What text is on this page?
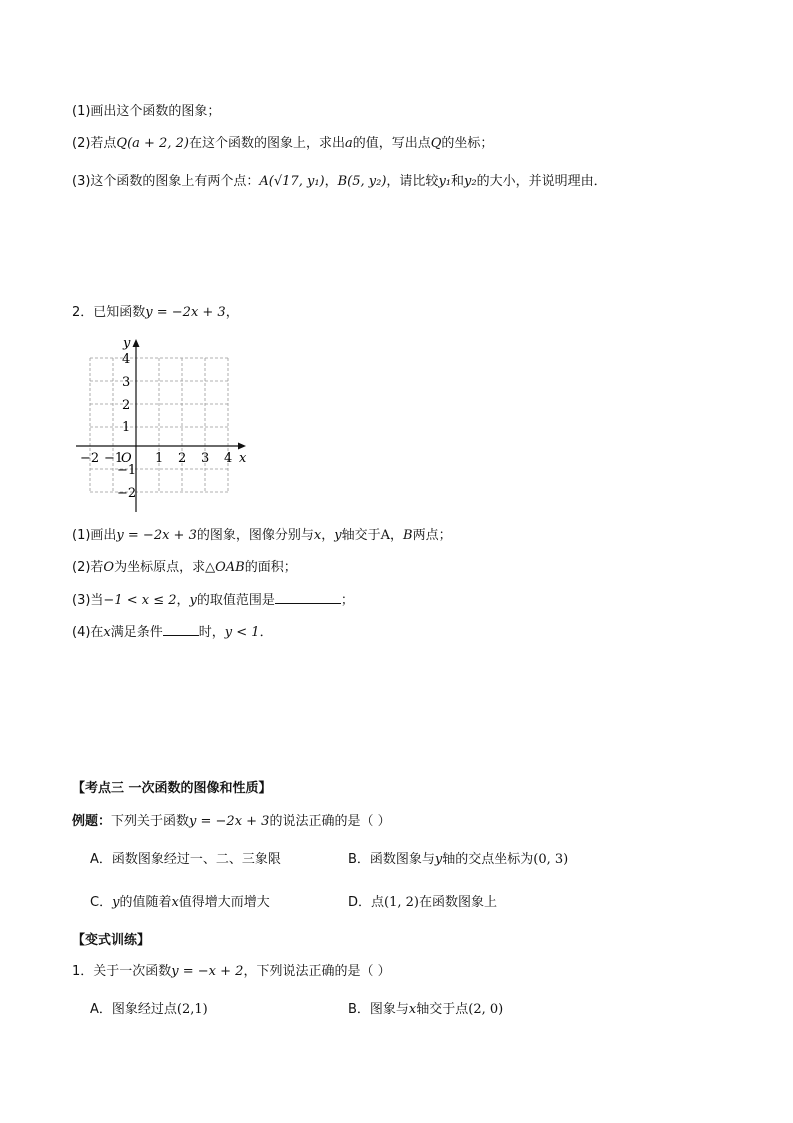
(1)画出这个函数的图象；
(2)若点Q(a + 2, 2)在这个函数的图象上，求出a的值，写出点Q的坐标；
(3)这个函数的图象上有两个点：A(√17, y₁)，B(5, y₂)，请比较y₁和y₂的大小，并说明理由．
2．已知函数y = −2x + 3，
y
x
O
−2 −1 1 2 3 4
4
3
2
1
−1
−2
(1)画出y = −2x + 3的图象，图像分别与x，y轴交于A，B两点；
(2)若O为坐标原点，求△OAB的面积；
(3)当−1 < x ≤ 2，y的取值范围是	；
(4)在x满足条件	时，y < 1．
【考点三 一次函数的图像和性质】
例题：下列关于函数y = −2x + 3的说法正确的是（ ）
A．函数图象经过一、二、三象限	B．函数图象与y轴的交点坐标为(0, 3)
C．y的值随着x值得增大而增大	D．点(1, 2)在函数图象上
【变式训练】
1．关于一次函数y = −x + 2，下列说法正确的是（ ）
A．图象经过点(2,1)	B．图象与x轴交于点(2, 0)
